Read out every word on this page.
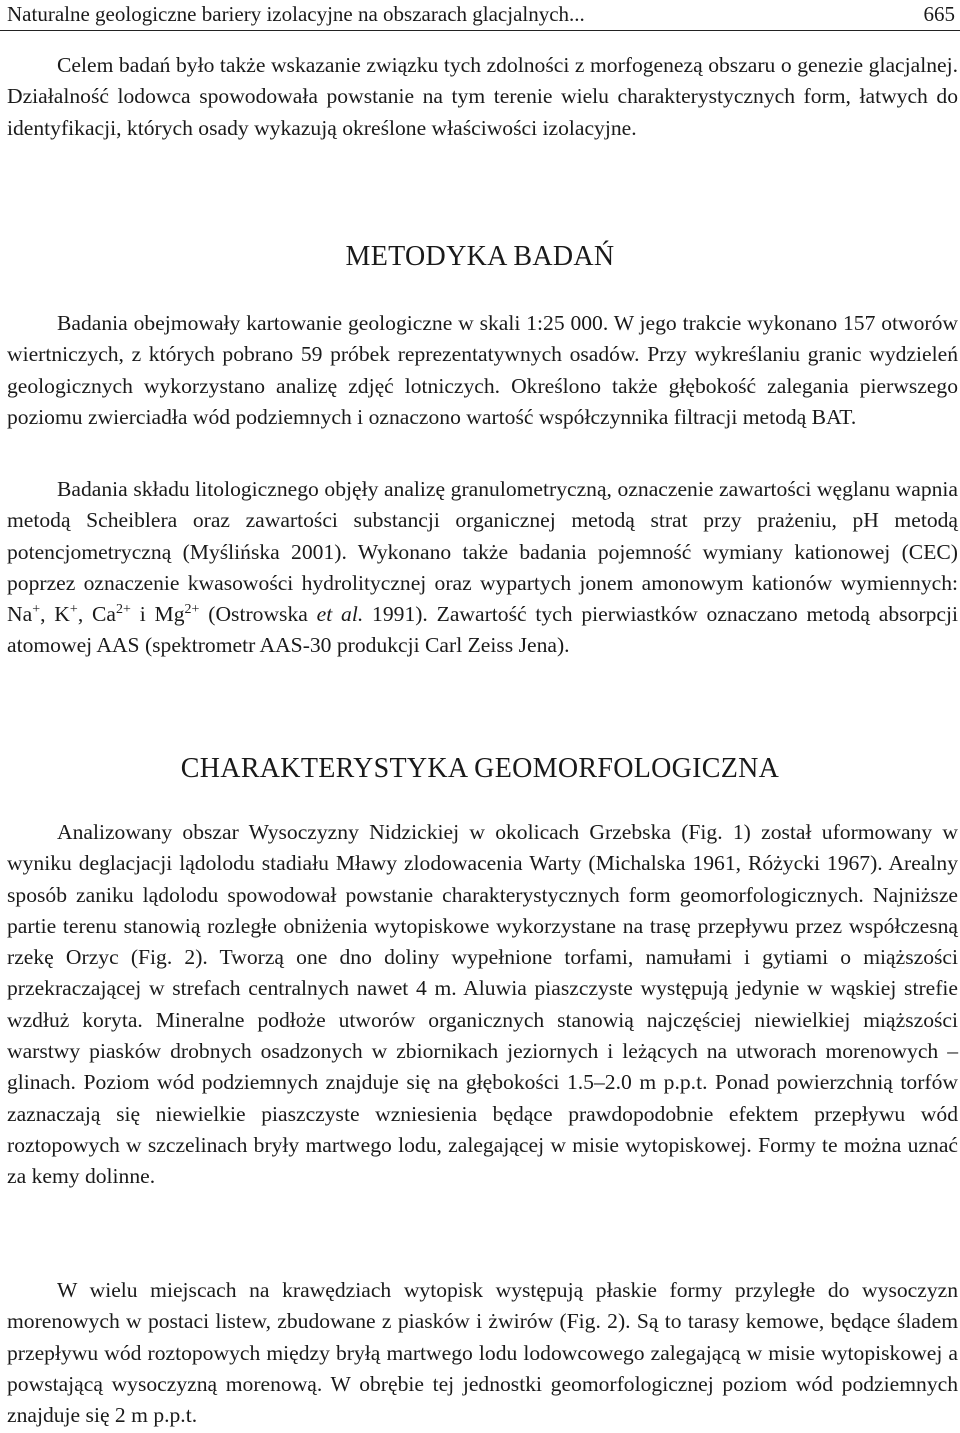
Naturalne geologiczne bariery izolacyjne na obszarach glacjalnych...	665

Celem badań było także wskazanie związku tych zdolności z morfogenezą obszaru o genezie glacjalnej. Działalność lodowca spowodowała powstanie na tym terenie wielu charakterystycznych form, łatwych do identyfikacji, których osady wykazują określone właściwości izolacyjne.

METODYKA BADAŃ

Badania obejmowały kartowanie geologiczne w skali 1:25 000. W jego trakcie wykonano 157 otworów wiertniczych, z których pobrano 59 próbek reprezentatywnych osadów. Przy wykreślaniu granic wydzieleń geologicznych wykorzystano analizę zdjęć lotniczych. Określono także głębokość zalegania pierwszego poziomu zwierciadła wód podziemnych i oznaczono wartość współczynnika filtracji metodą BAT.

Badania składu litologicznego objęły analizę granulometryczną, oznaczenie zawartości węglanu wapnia metodą Scheiblera oraz zawartości substancji organicznej metodą strat przy prażeniu, pH metodą potencjometryczną (Myślińska 2001). Wykonano także badania pojemność wymiany kationowej (CEC) poprzez oznaczenie kwasowości hydrolitycznej oraz wypartych jonem amonowym kationów wymiennych: Na+, K+, $Ca^{2+}$ i $Mg^{2+}$ (Ostrowska et al. 1991). Zawartość tych pierwiastków oznaczano metodą absorpcji atomowej AAS (spektrometr AAS-30 produkcji Carl Zeiss Jena).

CHARAKTERYSTYKA GEOMORFOLOGICZNA

Analizowany obszar Wysoczyzny Nidzickiej w okolicach Grzebska (Fig. 1) został uformowany w wyniku deglacjacji lądolodu stadiału Mławy zlodowacenia Warty (Michalska 1961, Różycki 1967). Arealny sposób zaniku lądolodu spowodował powstanie charakterystycznych form geomorfologicznych. Najniższe partie terenu stanowią rozległe obniżenia wytopiskowe wykorzystane na trasę przepływu przez współczesną rzekę Orzyc (Fig. 2). Tworzą one dno doliny wypełnione torfami, namułami i gytiami o miąższości przekraczającej w strefach centralnych nawet 4 m. Aluwia piaszczyste występują jedynie w wąskiej strefie wzdłuż koryta. Mineralne podłoże utworów organicznych stanowią najczęściej niewielkiej miąższości warstwy piasków drobnych osadzonych w zbiornikach jeziornych i leżących na utworach morenowych – glinach. Poziom wód podziemnych znajduje się na głębokości 1.5–2.0 m p.p.t. Ponad powierzchnią torfów zaznaczają się niewielkie piaszczyste wzniesienia będące prawdopodobnie efektem przepływu wód roztopowych w szczelinach bryły martwego lodu, zalegającej w misie wytopiskowej. Formy te można uznać za kemy dolinne.

W wielu miejscach na krawędziach wytopisk występują płaskie formy przyległe do wysoczyzn morenowych w postaci listew, zbudowane z piasków i żwirów (Fig. 2). Są to tarasy kemowe, będące śladem przepływu wód roztopowych między bryłą martwego lodu lodowcowego zalegającą w misie wytopiskowej a powstającą wysoczyzną morenową. W obrębie tej jednostki geomorfologicznej poziom wód podziemnych znajduje się 2 m p.p.t.
